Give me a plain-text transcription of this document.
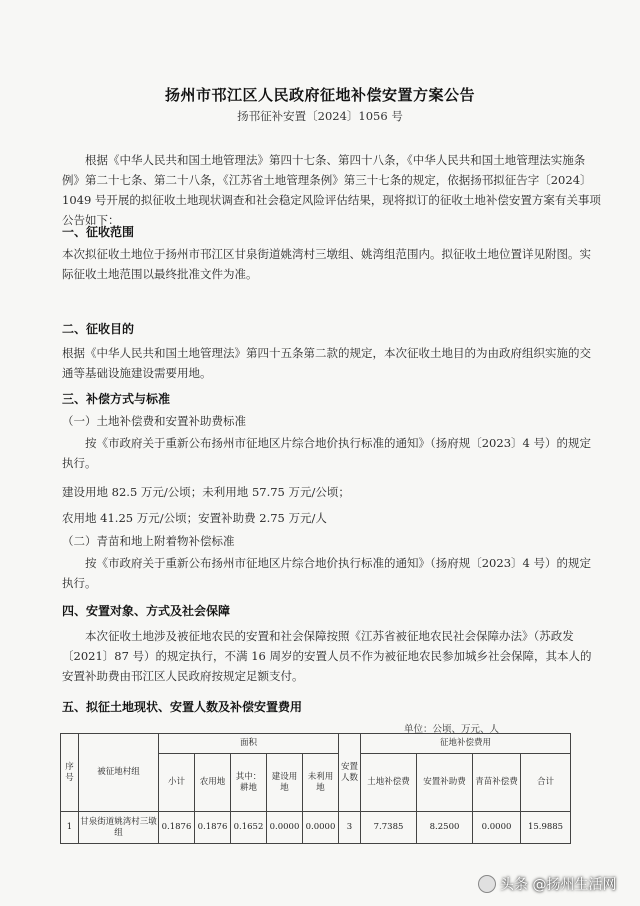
扬州市邗江区人民政府征地补偿安置方案公告
扬邗征补安置〔2024〕1056 号
根据《中华人民共和国土地管理法》第四十七条、第四十八条，《中华人民共和国土地管理法实施条例》第二十七条、第二十八条，《江苏省土地管理条例》第三十七条的规定，依据扬邗拟征告字〔2024〕1049 号开展的拟征收土地现状调查和社会稳定风险评估结果，现将拟订的征收土地补偿安置方案有关事项公告如下：
一、征收范围
本次拟征收土地位于扬州市邗江区甘泉街道姚湾村三墩组、姚湾组范围内。拟征收土地位置详见附图。实际征收土地范围以最终批准文件为准。
二、征收目的
根据《中华人民共和国土地管理法》第四十五条第二款的规定，本次征收土地目的为由政府组织实施的交通等基础设施建设需要用地。
三、补偿方式与标准
（一）土地补偿费和安置补助费标准
按《市政府关于重新公布扬州市征地区片综合地价执行标准的通知》（扬府规〔2023〕4 号）的规定执行。
建设用地 82.5 万元/公顷；未利用地 57.75 万元/公顷；
农用地 41.25 万元/公顷；安置补助费 2.75 万元/人
（二）青苗和地上附着物补偿标准
按《市政府关于重新公布扬州市征地区片综合地价执行标准的通知》（扬府规〔2023〕4 号）的规定执行。
四、安置对象、方式及社会保障
本次征收土地涉及被征地农民的安置和社会保障按照《江苏省被征地农民社会保障办法》（苏政发〔2021〕87 号）的规定执行，不满 16 周岁的安置人员不作为被征地农民参加城乡社会保障，其本人的安置补助费由邗江区人民政府按规定足额支付。
五、拟征土地现状、安置人数及补偿安置费用
单位：公顷、万元、人
序号	被征地村组	面积					安置人数	征地补偿费用			
		小计	农用地	其中：耕地	建设用地	未利用地		土地补偿费	安置补助费	青苗补偿费	合计
1	甘泉街道姚湾村三墩组	0.1876	0.1876	0.1652	0.0000	0.0000	3	7.7385	8.2500	0.0000	15.9885
头条 @扬州生活网
